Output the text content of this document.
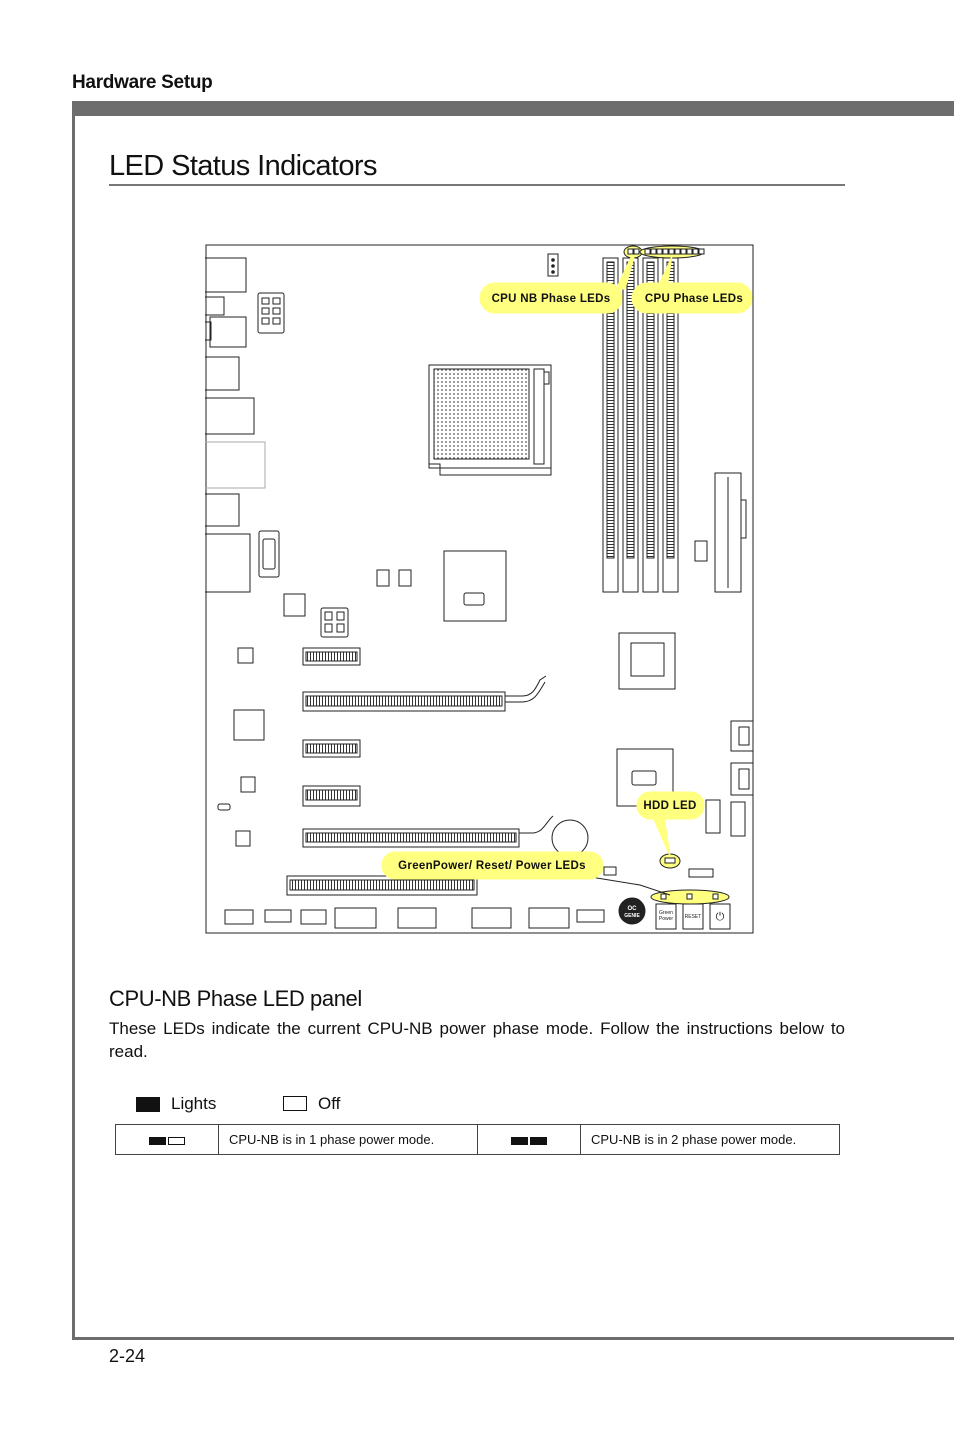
Hardware Setup
LED Status Indicators
Green
Power RESET ⏻
OC
GENIE
CPU NB Phase LEDs	CPU Phase LEDs
HDD LED
GreenPower/ Reset/ Power LEDs
CPU-NB Phase LED panel
These LEDs indicate the current CPU-NB power phase mode. Follow the instructions below to read.
Lights	Off
	CPU-NB is in 1 phase power mode.		CPU-NB is in 2 phase power mode.
2-24
